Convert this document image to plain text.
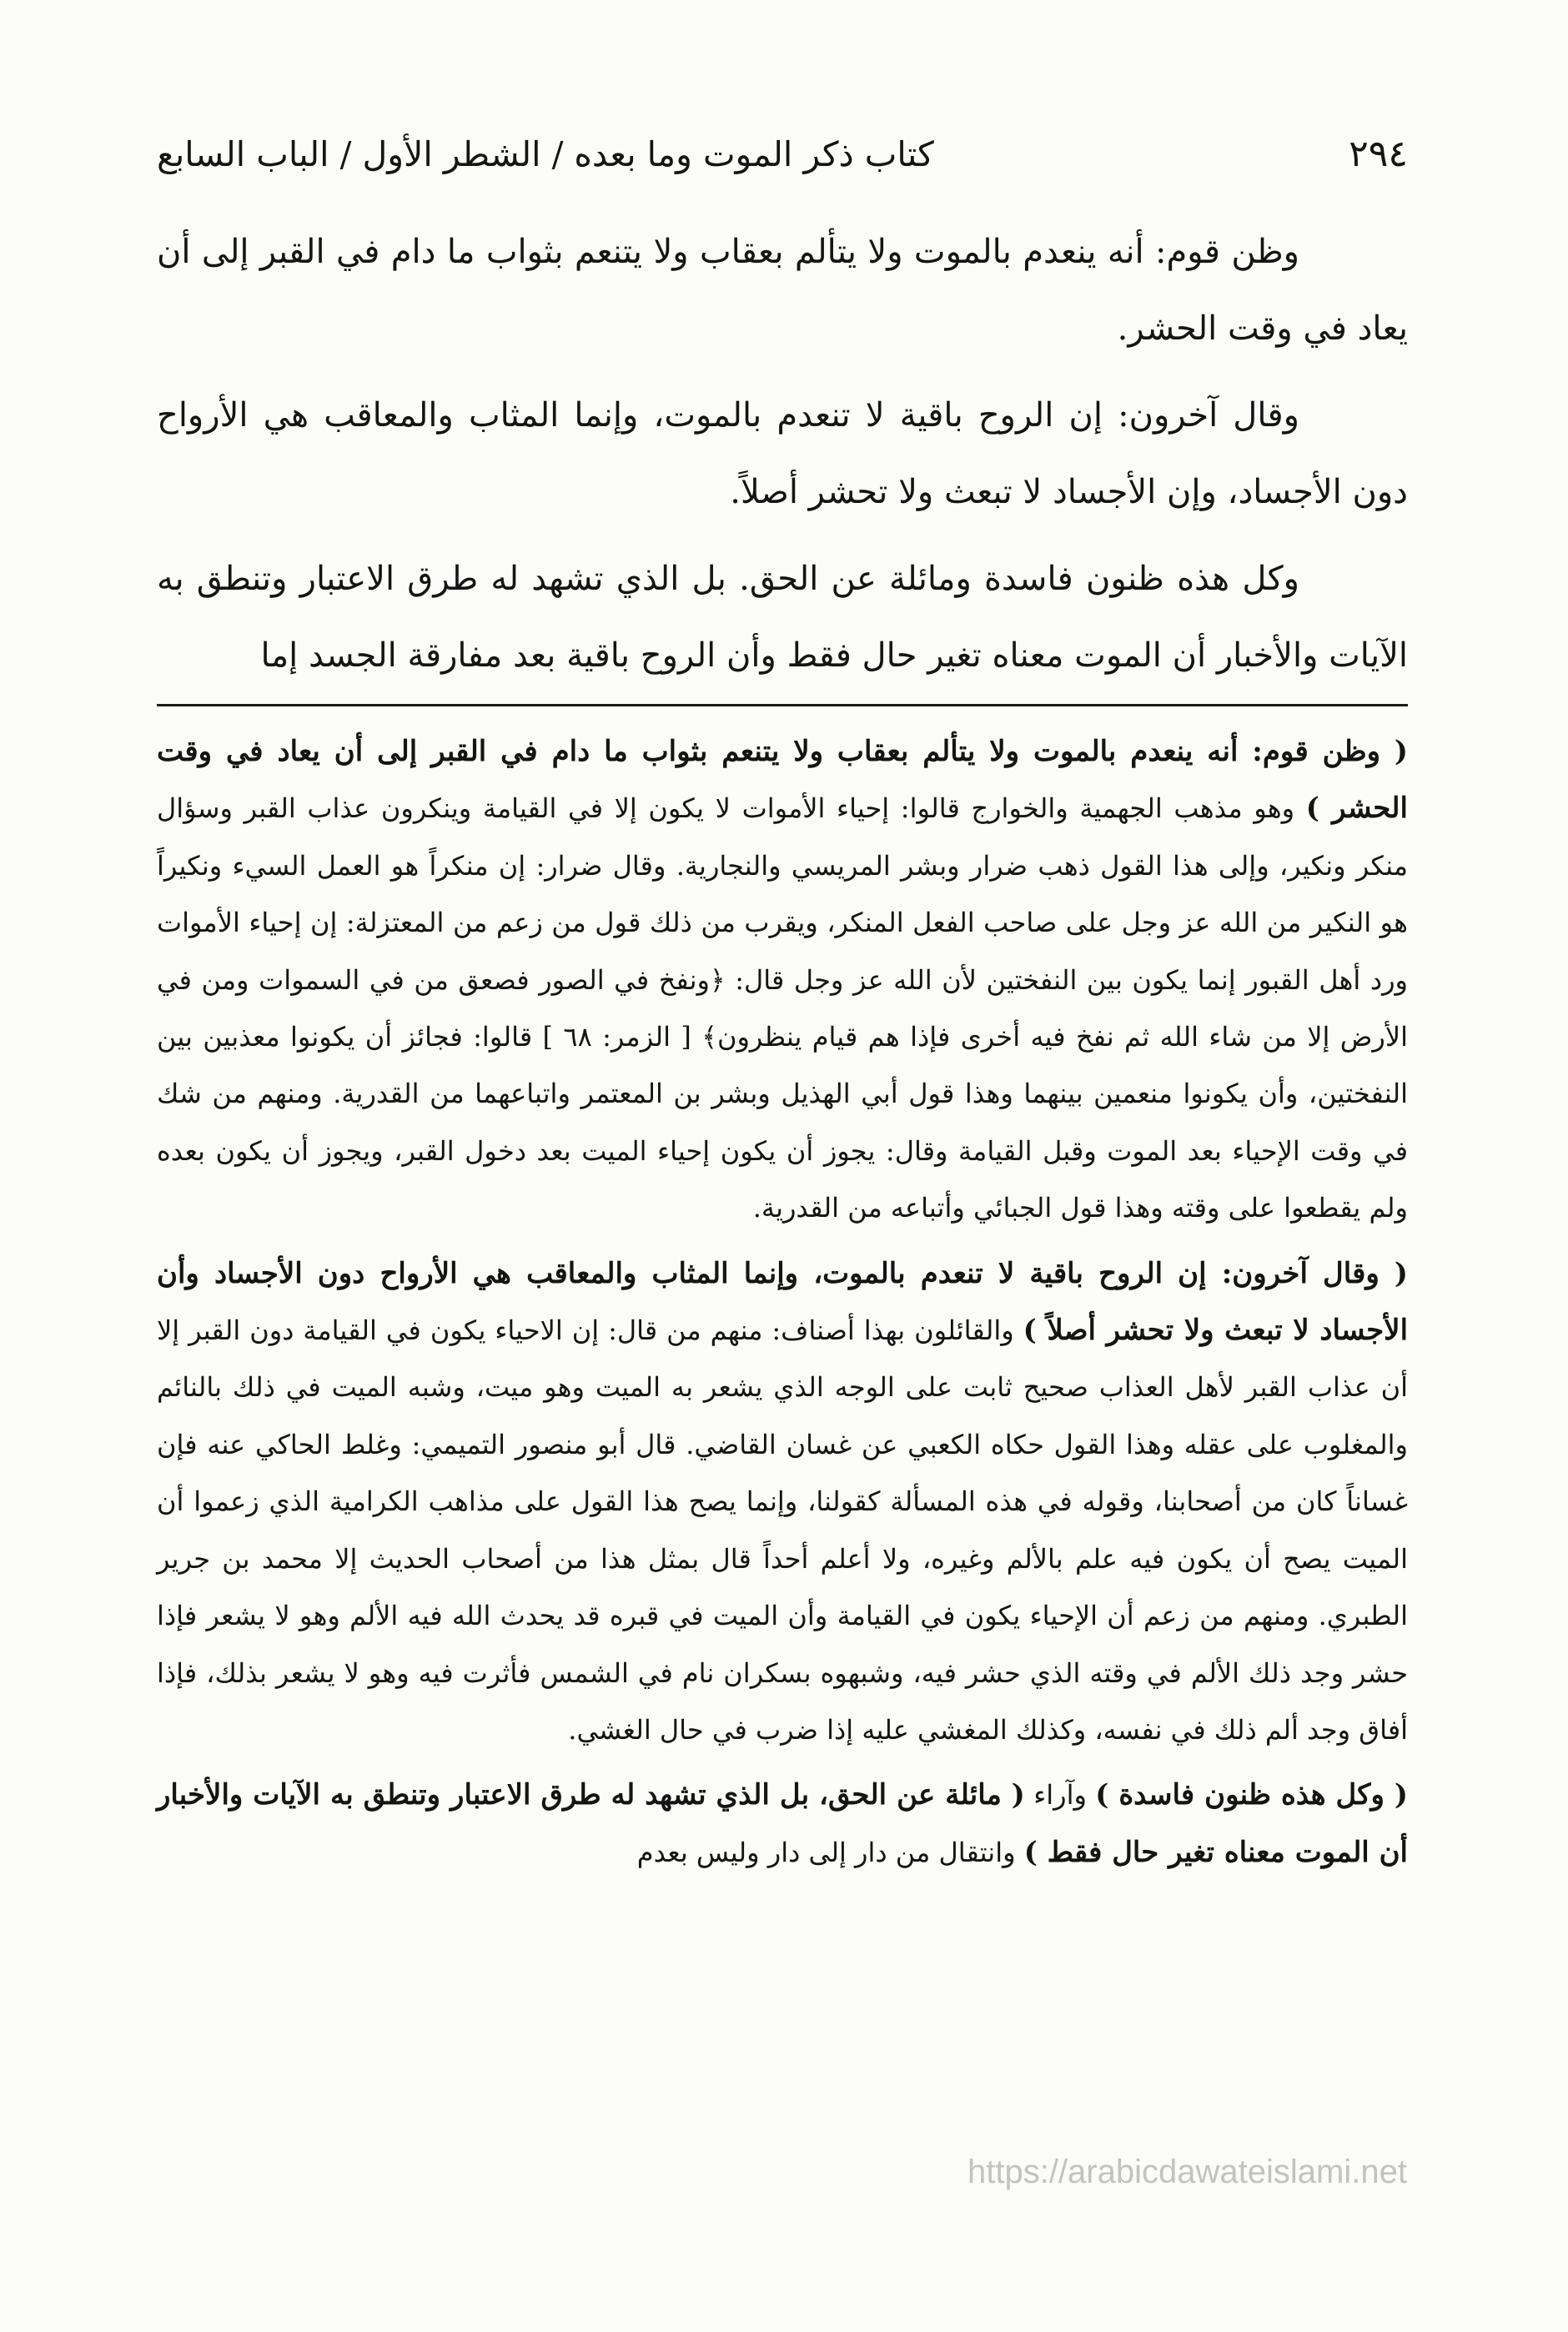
٢٩٤
كتاب ذكر الموت وما بعده / الشطر الأول / الباب السابع

وظن قوم: أنه ينعدم بالموت ولا يتألم بعقاب ولا يتنعم بثواب ما دام في القبر إلى أن يعاد في وقت الحشر.

وقال آخرون: إن الروح باقية لا تنعدم بالموت، وإنما المثاب والمعاقب هي الأرواح دون الأجساد، وإن الأجساد لا تبعث ولا تحشر أصلاً.

وكل هذه ظنون فاسدة ومائلة عن الحق. بل الذي تشهد له طرق الاعتبار وتنطق به الآيات والأخبار أن الموت معناه تغير حال فقط وأن الروح باقية بعد مفارقة الجسد إما

( وظن قوم: أنه ينعدم بالموت ولا يتألم بعقاب ولا يتنعم بثواب ما دام في القبر إلى أن يعاد في وقت الحشر ) وهو مذهب الجهمية والخوارج قالوا: إحياء الأموات لا يكون إلا في القيامة وينكرون عذاب القبر وسؤال منكر ونكير، وإلى هذا القول ذهب ضرار وبشر المريسي والنجارية. وقال ضرار: إن منكراً هو العمل السيء ونكيراً هو النكير من الله عز وجل على صاحب الفعل المنكر، ويقرب من ذلك قول من زعم من المعتزلة: إن إحياء الأموات ورد أهل القبور إنما يكون بين النفختين لأن الله عز وجل قال: ﴿ونفخ في الصور فصعق من في السموات ومن في الأرض إلا من شاء الله ثم نفخ فيه أخرى فإذا هم قيام ينظرون﴾ [ الزمر: ٦٨ ] قالوا: فجائز أن يكونوا معذبين بين النفختين، وأن يكونوا منعمين بينهما وهذا قول أبي الهذيل وبشر بن المعتمر واتباعهما من القدرية. ومنهم من شك في وقت الإحياء بعد الموت وقبل القيامة وقال: يجوز أن يكون إحياء الميت بعد دخول القبر، ويجوز أن يكون بعده ولم يقطعوا على وقته وهذا قول الجبائي وأتباعه من القدرية.

( وقال آخرون: إن الروح باقية لا تنعدم بالموت، وإنما المثاب والمعاقب هي الأرواح دون الأجساد وأن الأجساد لا تبعث ولا تحشر أصلاً ) والقائلون بهذا أصناف: منهم من قال: إن الاحياء يكون في القيامة دون القبر إلا أن عذاب القبر لأهل العذاب صحيح ثابت على الوجه الذي يشعر به الميت وهو ميت، وشبه الميت في ذلك بالنائم والمغلوب على عقله وهذا القول حكاه الكعبي عن غسان القاضي. قال أبو منصور التميمي: وغلط الحاكي عنه فإن غساناً كان من أصحابنا، وقوله في هذه المسألة كقولنا، وإنما يصح هذا القول على مذاهب الكرامية الذي زعموا أن الميت يصح أن يكون فيه علم بالألم وغيره، ولا أعلم أحداً قال بمثل هذا من أصحاب الحديث إلا محمد بن جرير الطبري. ومنهم من زعم أن الإحياء يكون في القيامة وأن الميت في قبره قد يحدث الله فيه الألم وهو لا يشعر فإذا حشر وجد ذلك الألم في وقته الذي حشر فيه، وشبهوه بسكران نام في الشمس فأثرت فيه وهو لا يشعر بذلك، فإذا أفاق وجد ألم ذلك في نفسه، وكذلك المغشي عليه إذا ضرب في حال الغشي.

( وكل هذه ظنون فاسدة ) وآراء ( مائلة عن الحق، بل الذي تشهد له طرق الاعتبار وتنطق به الآيات والأخبار أن الموت معناه تغير حال فقط ) وانتقال من دار إلى دار وليس بعدم

https://arabicdawateislami.net
